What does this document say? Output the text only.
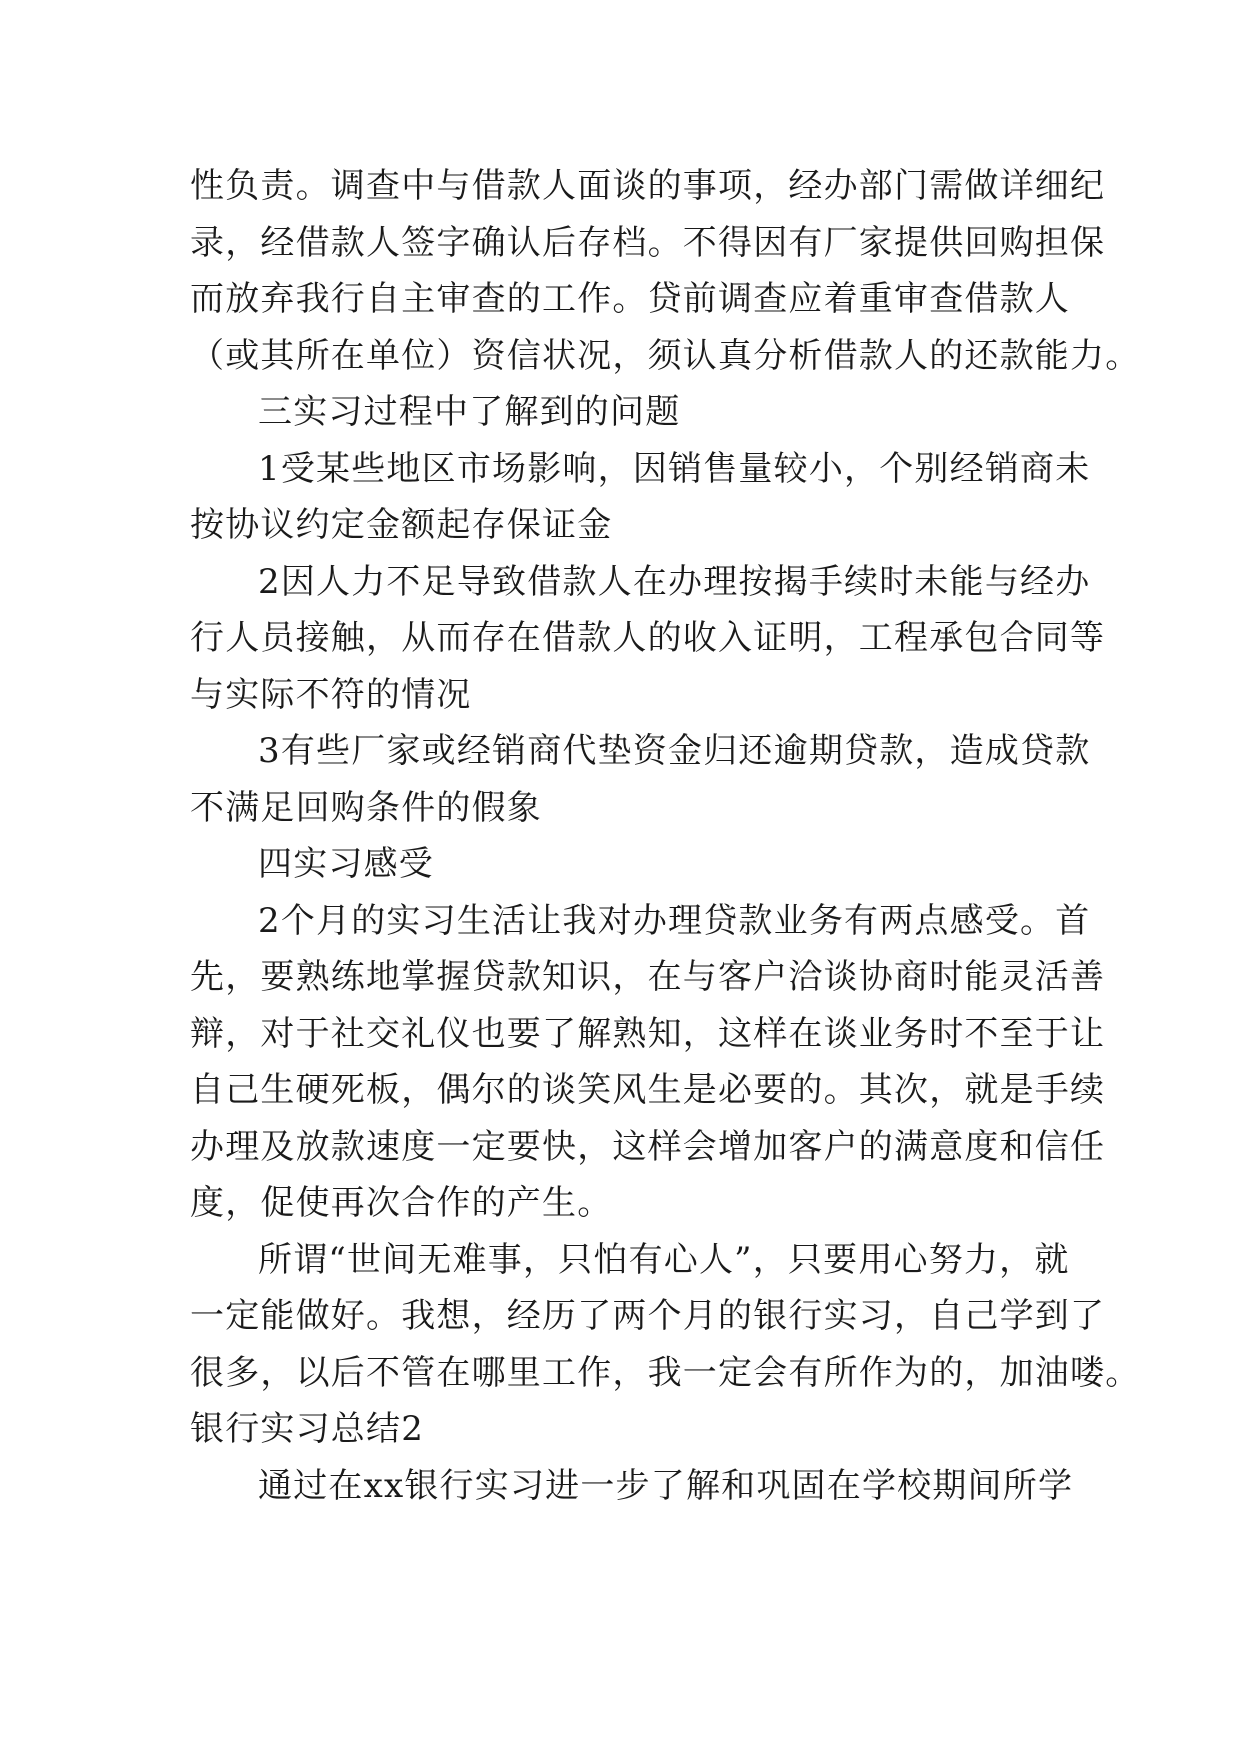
性负责。调查中与借款人面谈的事项，经办部门需做详细纪
录，经借款人签字确认后存档。不得因有厂家提供回购担保
而放弃我行自主审查的工作。贷前调查应着重审查借款人
（或其所在单位）资信状况，须认真分析借款人的还款能力。
三实习过程中了解到的问题
1受某些地区市场影响，因销售量较小，个别经销商未
按协议约定金额起存保证金
2因人力不足导致借款人在办理按揭手续时未能与经办
行人员接触，从而存在借款人的收入证明，工程承包合同等
与实际不符的情况
3有些厂家或经销商代垫资金归还逾期贷款，造成贷款
不满足回购条件的假象
四实习感受
2个月的实习生活让我对办理贷款业务有两点感受。首
先，要熟练地掌握贷款知识，在与客户洽谈协商时能灵活善
辩，对于社交礼仪也要了解熟知，这样在谈业务时不至于让
自己生硬死板，偶尔的谈笑风生是必要的。其次，就是手续
办理及放款速度一定要快，这样会增加客户的满意度和信任
度，促使再次合作的产生。
所谓“世间无难事，只怕有心人”，只要用心努力，就
一定能做好。我想，经历了两个月的银行实习，自己学到了
很多，以后不管在哪里工作，我一定会有所作为的，加油喽。
银行实习总结2
通过在xx银行实习进一步了解和巩固在学校期间所学
